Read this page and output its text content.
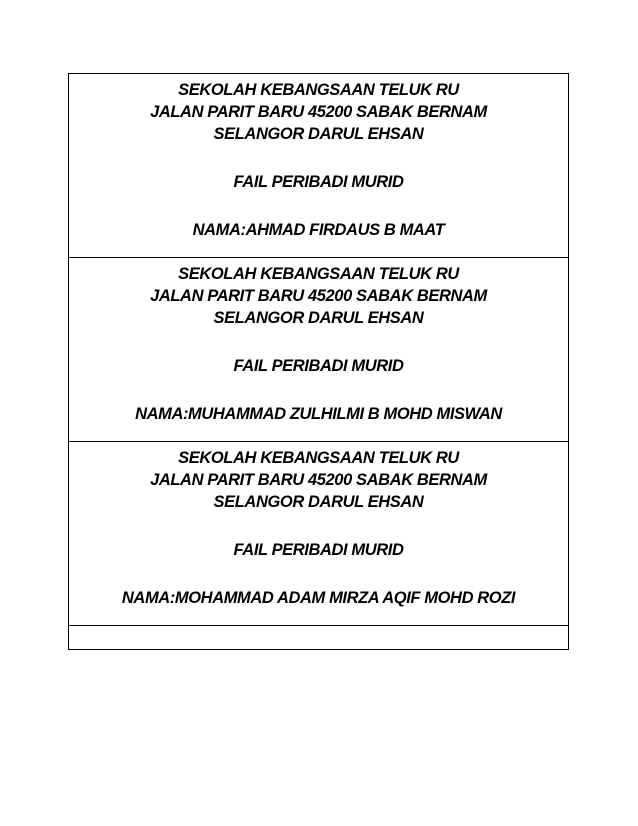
SEKOLAH KEBANGSAAN TELUK RU
JALAN PARIT BARU 45200 SABAK BERNAM
SELANGOR DARUL EHSAN
FAIL PERIBADI MURID
NAMA:AHMAD FIRDAUS B MAAT
SEKOLAH KEBANGSAAN TELUK RU
JALAN PARIT BARU 45200 SABAK BERNAM
SELANGOR DARUL EHSAN
FAIL PERIBADI MURID
NAMA:MUHAMMAD ZULHILMI B MOHD MISWAN
SEKOLAH KEBANGSAAN TELUK RU
JALAN PARIT BARU 45200 SABAK BERNAM
SELANGOR DARUL EHSAN
FAIL PERIBADI MURID
NAMA:MOHAMMAD ADAM MIRZA AQIF MOHD ROZI
